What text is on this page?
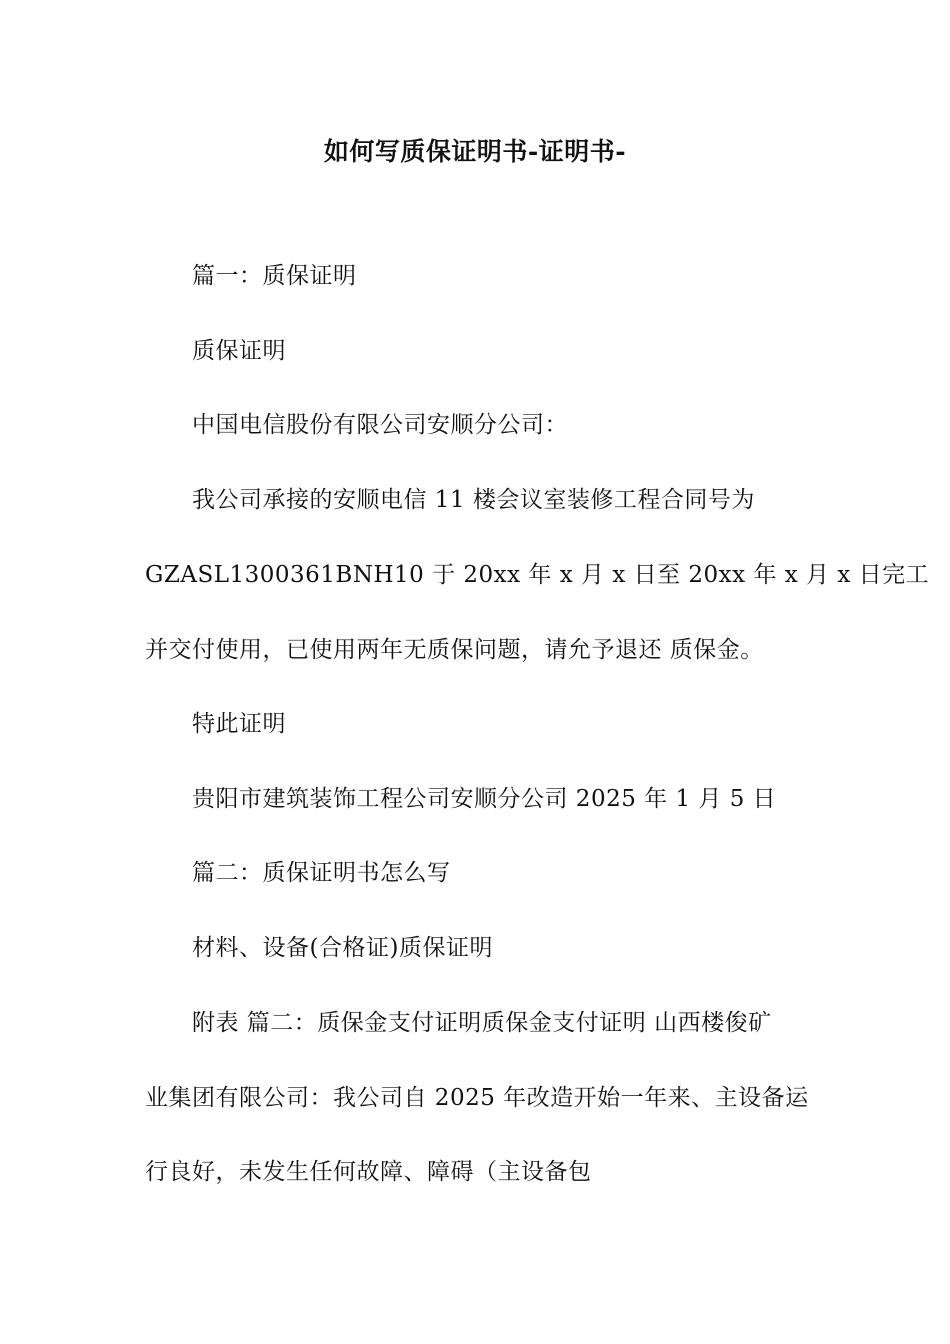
如何写质保证明书-证明书-
篇一：质保证明
质保证明
中国电信股份有限公司安顺分公司：
我公司承接的安顺电信 11 楼会议室装修工程合同号为
GZASL1300361BNH10 于 20xx 年 x 月 x 日至 20xx 年 x 月 x 日完工
并交付使用，已使用两年无质保问题，请允予退还 质保金。
特此证明
贵阳市建筑装饰工程公司安顺分公司 2025 年 1 月 5 日
篇二：质保证明书怎么写
材料、设备(合格证)质保证明
附表 篇二：质保金支付证明质保金支付证明 山西楼俊矿
业集团有限公司：我公司自 2025 年改造开始一年来、主设备运
行良好，未发生任何故障、障碍（主设备包
